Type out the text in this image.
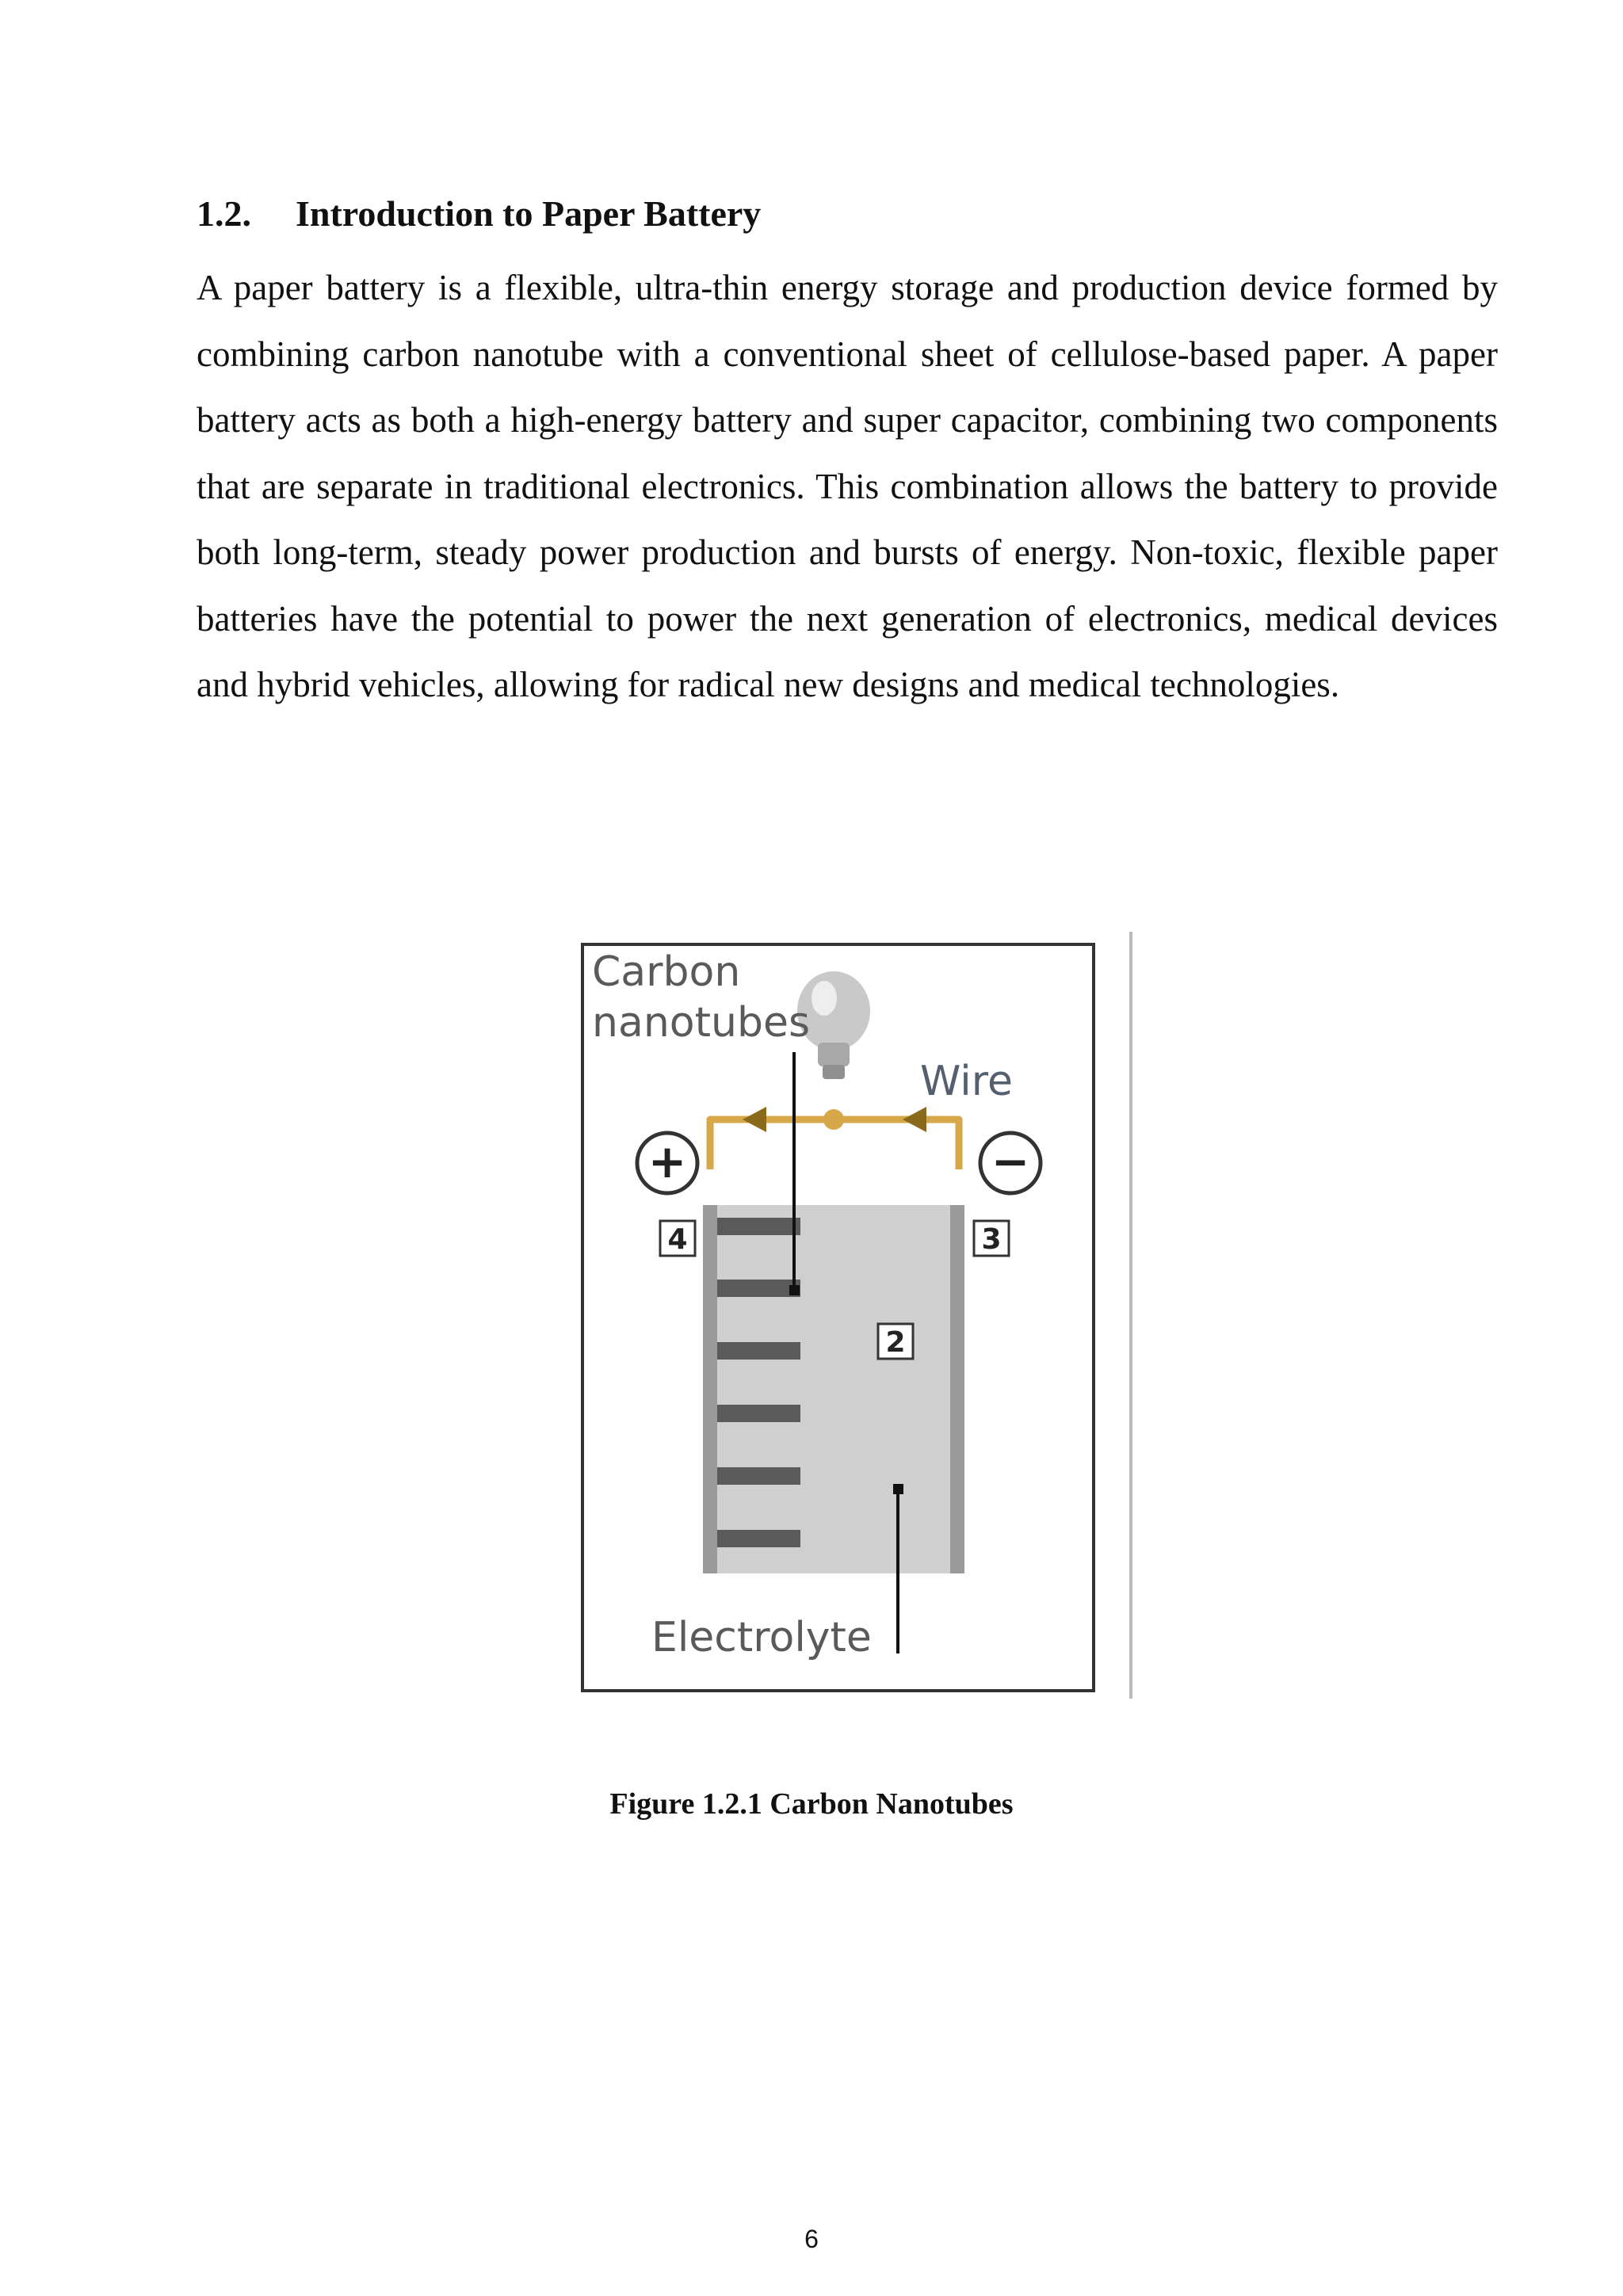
1.2. Introduction to Paper Battery

A paper battery is a flexible, ultra-thin energy storage and production device formed by combining carbon nanotube with a conventional sheet of cellulose-based paper. A paper battery acts as both a high-energy battery and super capacitor, combining two components that are separate in traditional electronics. This combination allows the battery to provide both long-term, steady power production and bursts of energy. Non-toxic, flexible paper batteries have the potential to power the next generation of electronics, medical devices and hybrid vehicles, allowing for radical new designs and medical technologies.

+	−
4	3
2
Carbon
nanotubes
Wire
Electrolyte
Figure 1.2.1 Carbon Nanotubes
6
